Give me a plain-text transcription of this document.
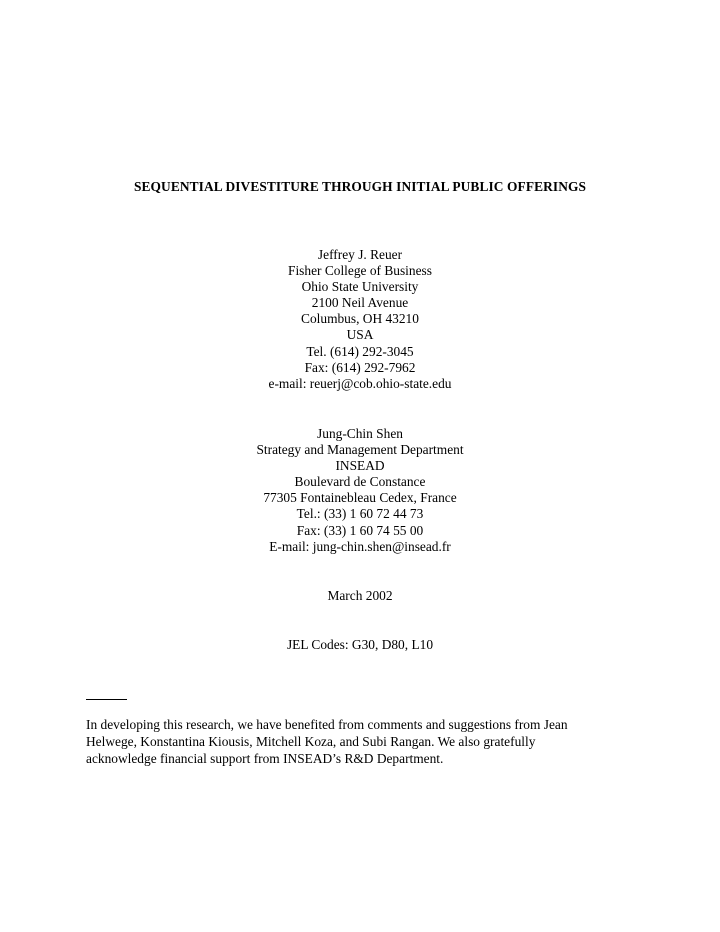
SEQUENTIAL DIVESTITURE THROUGH INITIAL PUBLIC OFFERINGS
Jeffrey J. Reuer
Fisher College of Business
Ohio State University
2100 Neil Avenue
Columbus, OH 43210
USA
Tel. (614) 292-3045
Fax: (614) 292-7962
e-mail: reuerj@cob.ohio-state.edu
Jung-Chin Shen
Strategy and Management Department
INSEAD
Boulevard de Constance
77305 Fontainebleau Cedex, France
Tel.: (33) 1 60 72 44 73
Fax: (33) 1 60 74 55 00
E-mail: jung-chin.shen@insead.fr
March 2002
JEL Codes: G30, D80, L10
In developing this research, we have benefited from comments and suggestions from Jean
Helwege, Konstantina Kiousis, Mitchell Koza, and Subi Rangan. We also gratefully
acknowledge financial support from INSEAD’s R&D Department.
